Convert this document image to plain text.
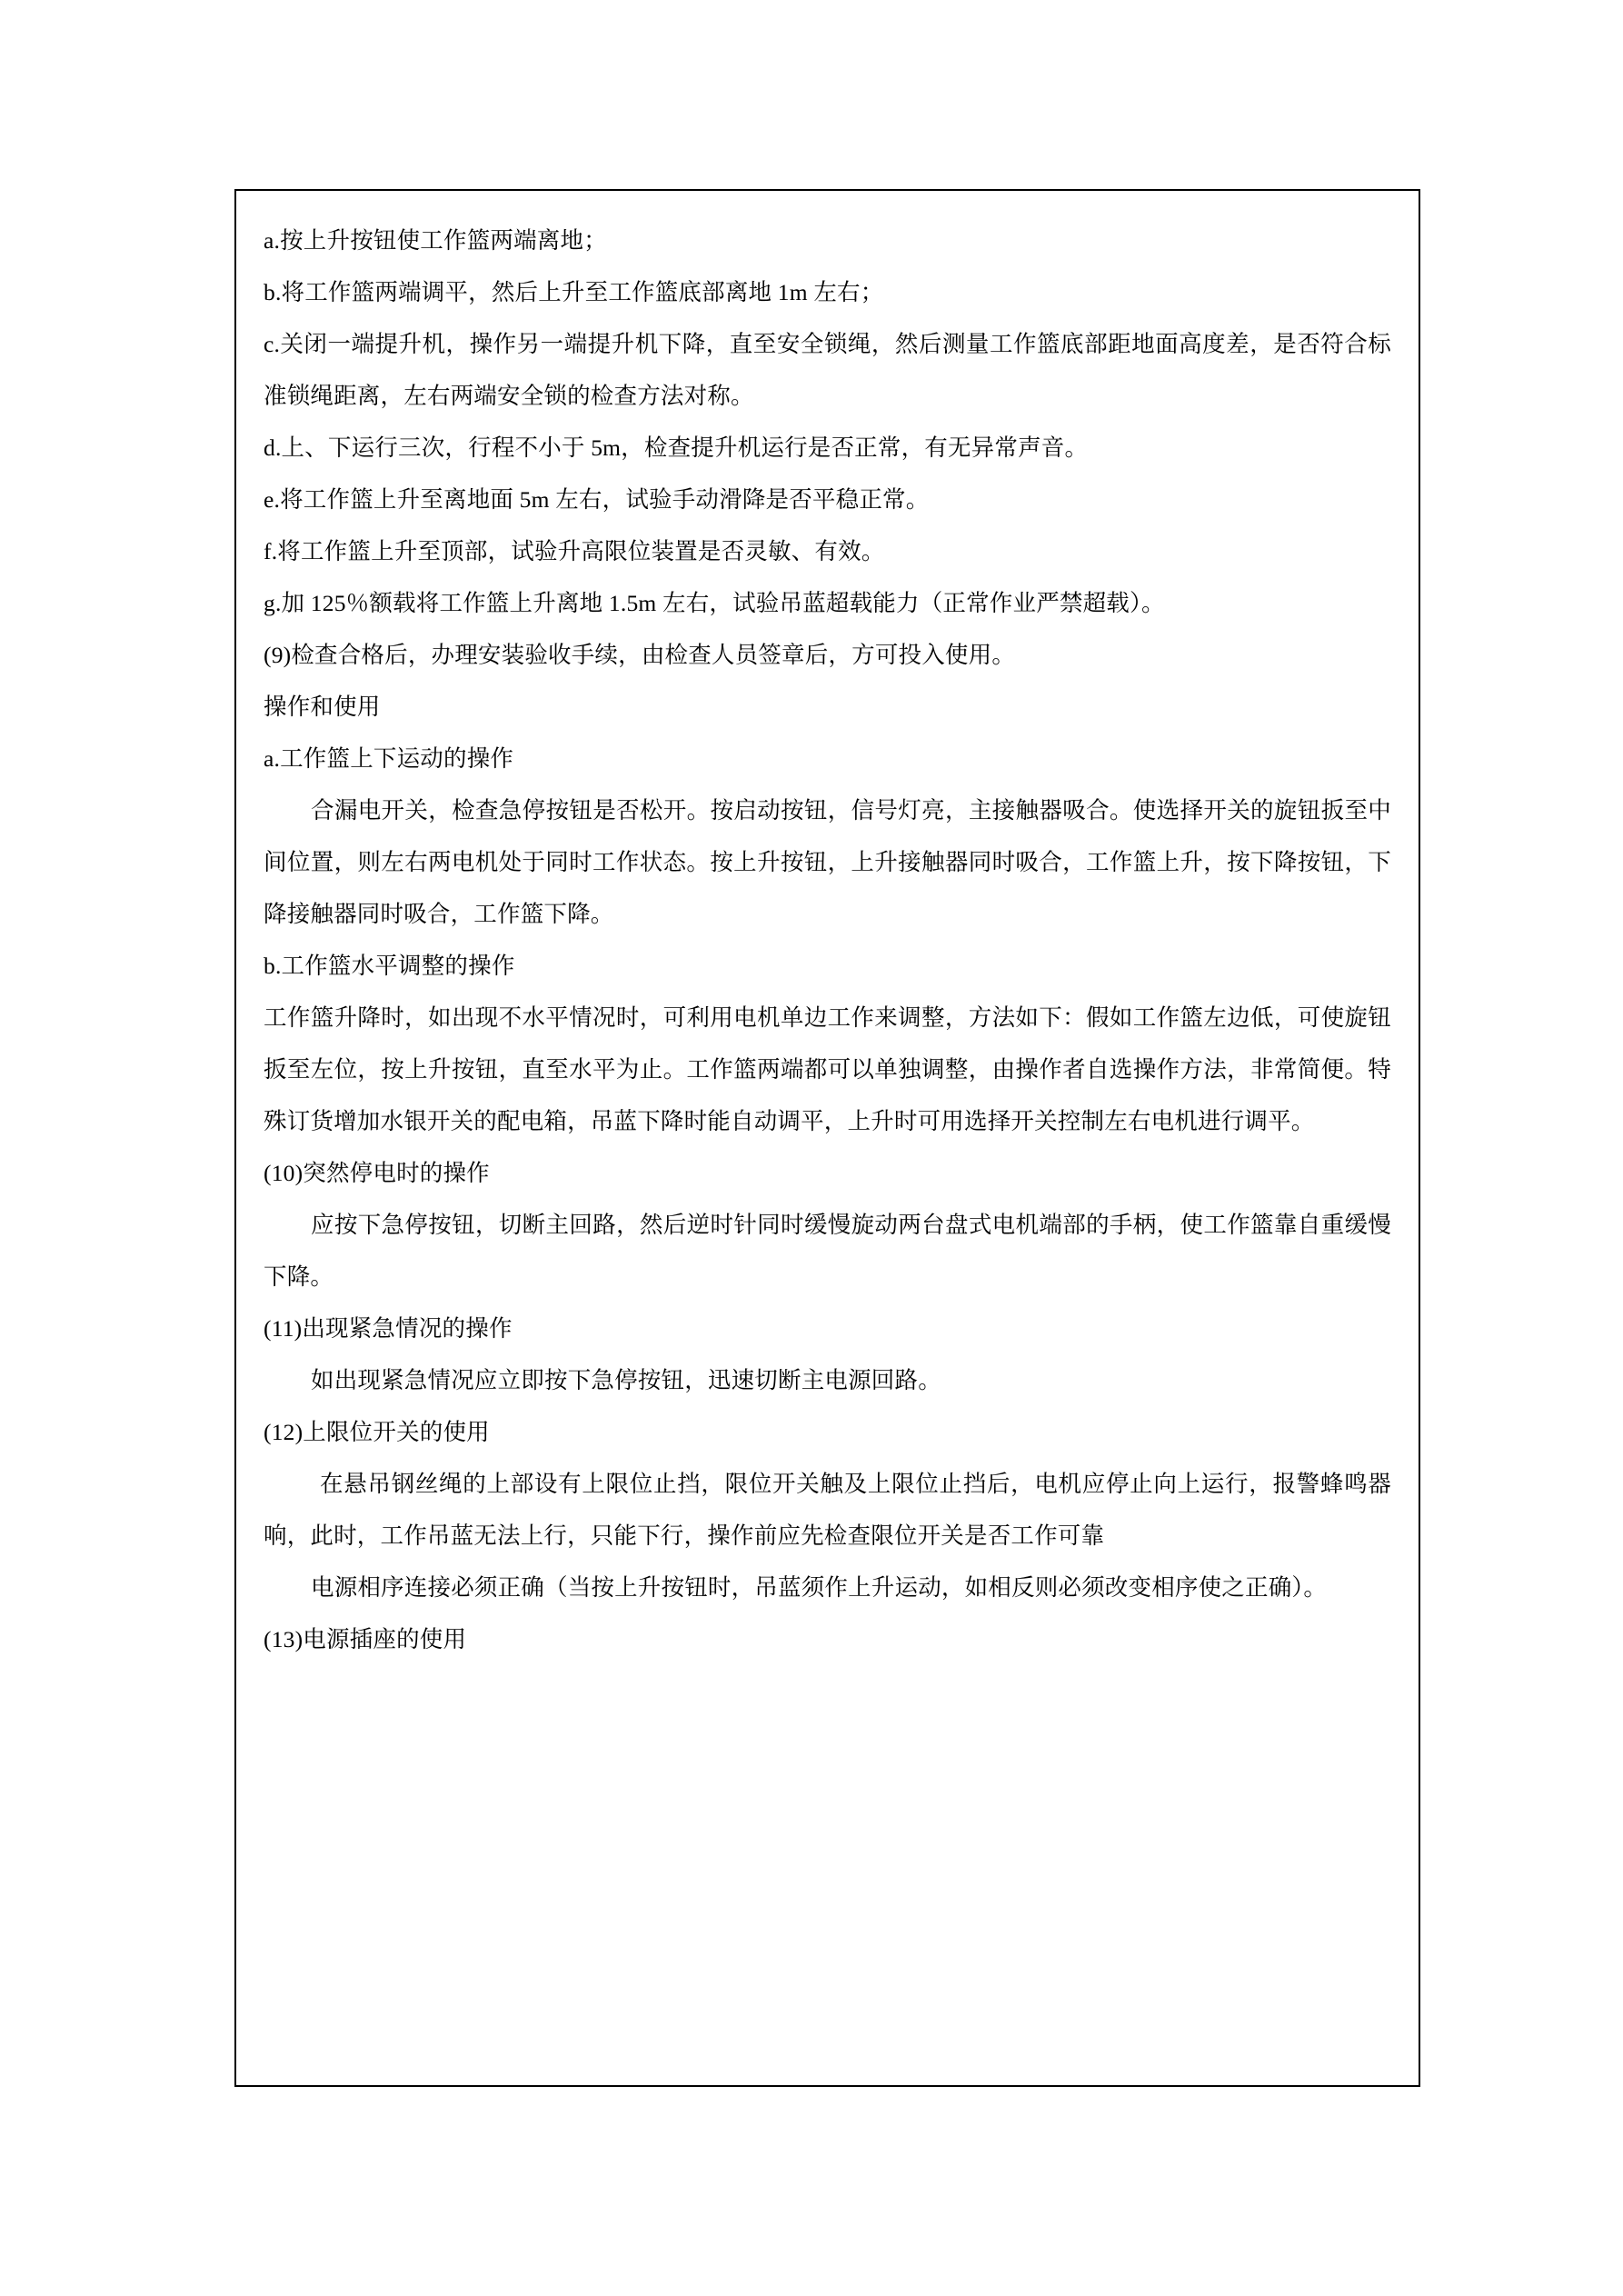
a.按上升按钮使工作篮两端离地；

b.将工作篮两端调平，然后上升至工作篮底部离地 1m 左右；

c.关闭一端提升机，操作另一端提升机下降，直至安全锁绳，然后测量工作篮底部距地面高度差，是否符合标准锁绳距离，左右两端安全锁的检查方法对称。

d.上、下运行三次，行程不小于 5m，检查提升机运行是否正常，有无异常声音。

e.将工作篮上升至离地面 5m 左右，试验手动滑降是否平稳正常。

f.将工作篮上升至顶部，试验升高限位装置是否灵敏、有效。

g.加 125％额载将工作篮上升离地 1.5m 左右，试验吊蓝超载能力（正常作业严禁超载）。

(9)检查合格后，办理安装验收手续，由检查人员签章后，方可投入使用。

操作和使用

a.工作篮上下运动的操作

合漏电开关，检查急停按钮是否松开。按启动按钮，信号灯亮，主接触器吸合。使选择开关的旋钮扳至中间位置，则左右两电机处于同时工作状态。按上升按钮，上升接触器同时吸合，工作篮上升，按下降按钮，下降接触器同时吸合，工作篮下降。

b.工作篮水平调整的操作

工作篮升降时，如出现不水平情况时，可利用电机单边工作来调整，方法如下：假如工作篮左边低，可使旋钮扳至左位，按上升按钮，直至水平为止。工作篮两端都可以单独调整，由操作者自选操作方法，非常简便。特殊订货增加水银开关的配电箱，吊蓝下降时能自动调平，上升时可用选择开关控制左右电机进行调平。

(10)突然停电时的操作

应按下急停按钮，切断主回路，然后逆时针同时缓慢旋动两台盘式电机端部的手柄，使工作篮靠自重缓慢下降。

(11)出现紧急情况的操作

如出现紧急情况应立即按下急停按钮，迅速切断主电源回路。

(12)上限位开关的使用

在悬吊钢丝绳的上部设有上限位止挡，限位开关触及上限位止挡后，电机应停止向上运行，报警蜂鸣器响，此时，工作吊蓝无法上行，只能下行，操作前应先检查限位开关是否工作可靠

电源相序连接必须正确（当按上升按钮时，吊蓝须作上升运动，如相反则必须改变相序使之正确）。

(13)电源插座的使用
